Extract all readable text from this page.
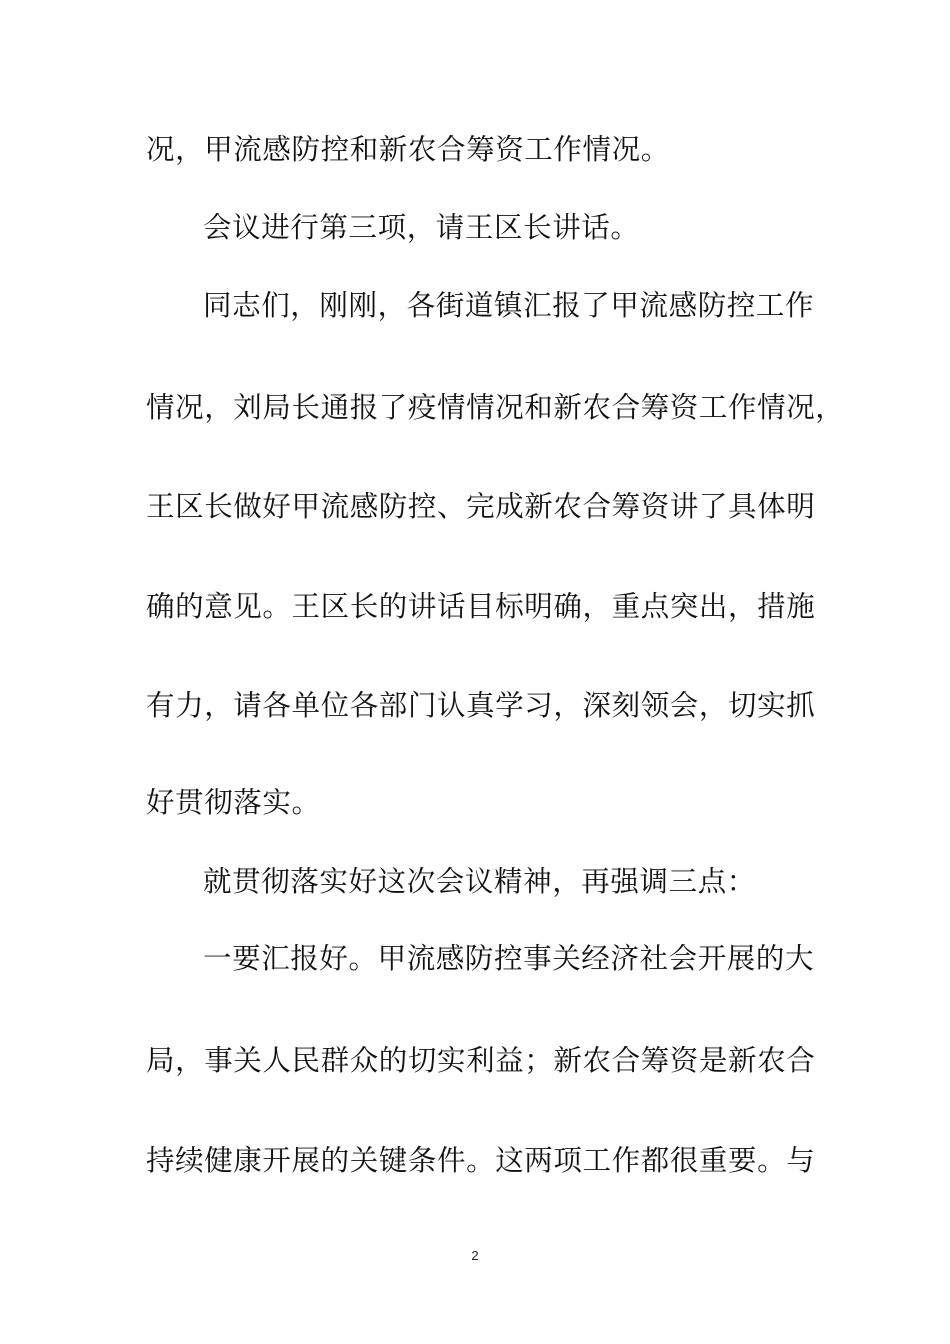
况，甲流感防控和新农合筹资工作情况。
会议进行第三项，请王区长讲话。
同志们，刚刚，各街道镇汇报了甲流感防控工作
情况，刘局长通报了疫情情况和新农合筹资工作情况，
王区长做好甲流感防控、完成新农合筹资讲了具体明
确的意见。王区长的讲话目标明确，重点突出，措施
有力，请各单位各部门认真学习，深刻领会，切实抓
好贯彻落实。
就贯彻落实好这次会议精神，再强调三点：
一要汇报好。甲流感防控事关经济社会开展的大
局，事关人民群众的切实利益；新农合筹资是新农合
持续健康开展的关键条件。这两项工作都很重要。与
2
